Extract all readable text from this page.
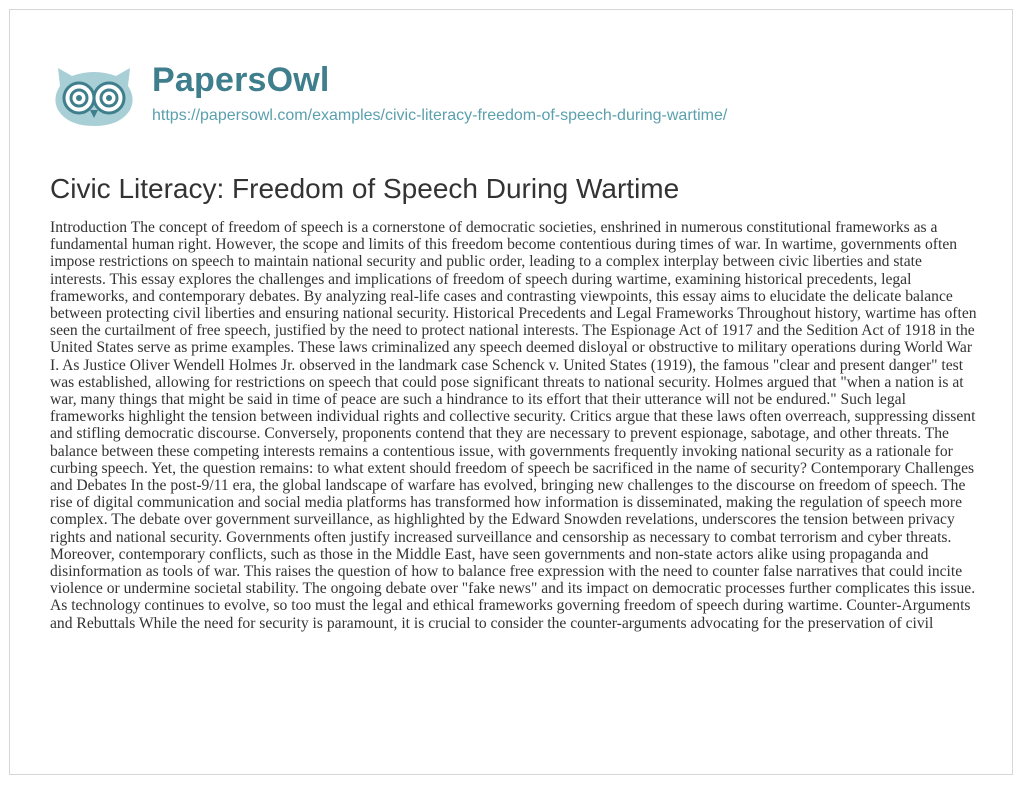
PapersOwl
https://papersowl.com/examples/civic-literacy-freedom-of-speech-during-wartime/
Civic Literacy: Freedom of Speech During Wartime

Introduction The concept of freedom of speech is a cornerstone of democratic societies, enshrined in numerous constitutional frameworks as a fundamental human right. However, the scope and limits of this freedom become contentious during times of war. In wartime, governments often impose restrictions on speech to maintain national security and public order, leading to a complex interplay between civic liberties and state interests. This essay explores the challenges and implications of freedom of speech during wartime, examining historical precedents, legal frameworks, and contemporary debates. By analyzing real-life cases and contrasting viewpoints, this essay aims to elucidate the delicate balance between protecting civil liberties and ensuring national security. Historical Precedents and Legal Frameworks Throughout history, wartime has often seen the curtailment of free speech, justified by the need to protect national interests. The Espionage Act of 1917 and the Sedition Act of 1918 in the United States serve as prime examples. These laws criminalized any speech deemed disloyal or obstructive to military operations during World War I. As Justice Oliver Wendell Holmes Jr. observed in the landmark case Schenck v. United States (1919), the famous "clear and present danger" test was established, allowing for restrictions on speech that could pose significant threats to national security. Holmes argued that "when a nation is at war, many things that might be said in time of peace are such a hindrance to its effort that their utterance will not be endured." Such legal frameworks highlight the tension between individual rights and collective security. Critics argue that these laws often overreach, suppressing dissent and stifling democratic discourse. Conversely, proponents contend that they are necessary to prevent espionage, sabotage, and other threats. The balance between these competing interests remains a contentious issue, with governments frequently invoking national security as a rationale for curbing speech. Yet, the question remains: to what extent should freedom of speech be sacrificed in the name of security? Contemporary Challenges and Debates In the post-9/11 era, the global landscape of warfare has evolved, bringing new challenges to the discourse on freedom of speech. The rise of digital communication and social media platforms has transformed how information is disseminated, making the regulation of speech more complex. The debate over government surveillance, as highlighted by the Edward Snowden revelations, underscores the tension between privacy rights and national security. Governments often justify increased surveillance and censorship as necessary to combat terrorism and cyber threats. Moreover, contemporary conflicts, such as those in the Middle East, have seen governments and non-state actors alike using propaganda and disinformation as tools of war. This raises the question of how to balance free expression with the need to counter false narratives that could incite violence or undermine societal stability. The ongoing debate over "fake news" and its impact on democratic processes further complicates this issue. As technology continues to evolve, so too must the legal and ethical frameworks governing freedom of speech during wartime. Counter-Arguments and Rebuttals While the need for security is paramount, it is crucial to consider the counter-arguments advocating for the preservation of civil
